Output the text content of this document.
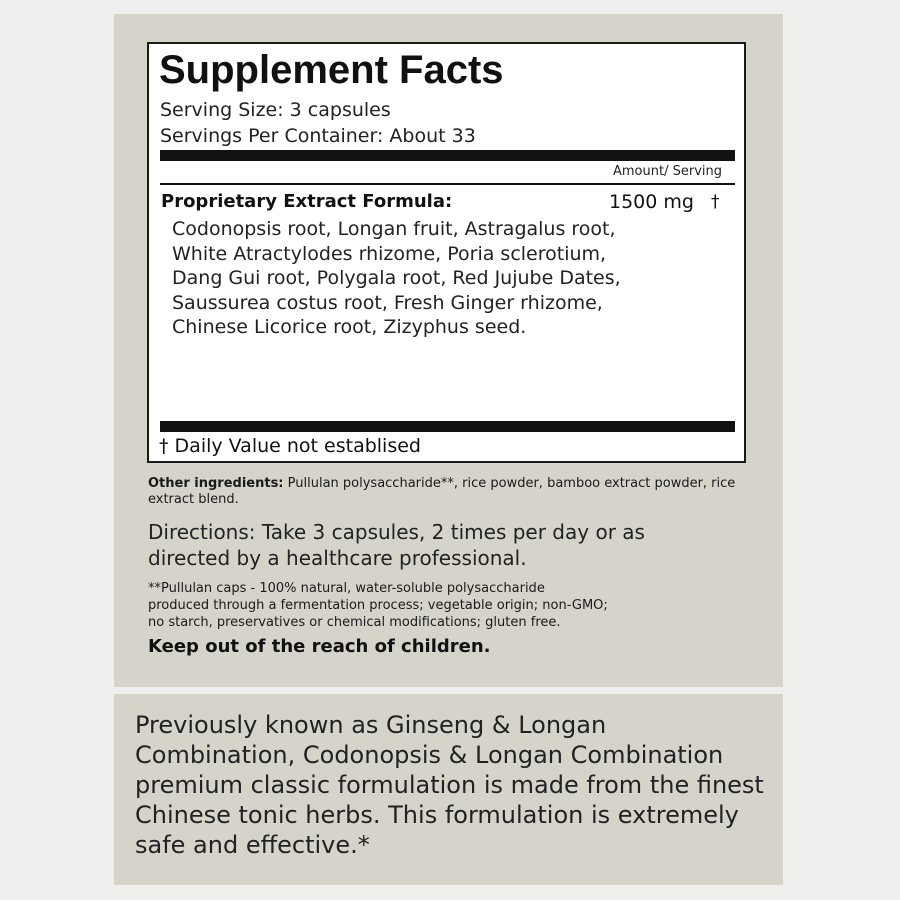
Supplement Facts
Serving Size: 3 capsules
Servings Per Container: About 33
Amount/ Serving
Proprietary Extract Formula:	1500 mg †
Codonopsis root, Longan fruit, Astragalus root,
White Atractylodes rhizome, Poria sclerotium,
Dang Gui root, Polygala root, Red Jujube Dates,
Saussurea costus root, Fresh Ginger rhizome,
Chinese Licorice root, Zizyphus seed.
† Daily Value not establised
Other ingredients: Pullulan polysaccharide**, rice powder, bamboo extract powder, rice extract blend.
Directions: Take 3 capsules, 2 times per day or as
directed by a healthcare professional.
**Pullulan caps - 100% natural, water-soluble polysaccharide
produced through a fermentation process; vegetable origin; non-GMO;
no starch, preservatives or chemical modifications; gluten free.
Keep out of the reach of children.
Previously known as Ginseng & Longan
Combination, Codonopsis & Longan Combination
premium classic formulation is made from the finest
Chinese tonic herbs. This formulation is extremely
safe and effective.*
